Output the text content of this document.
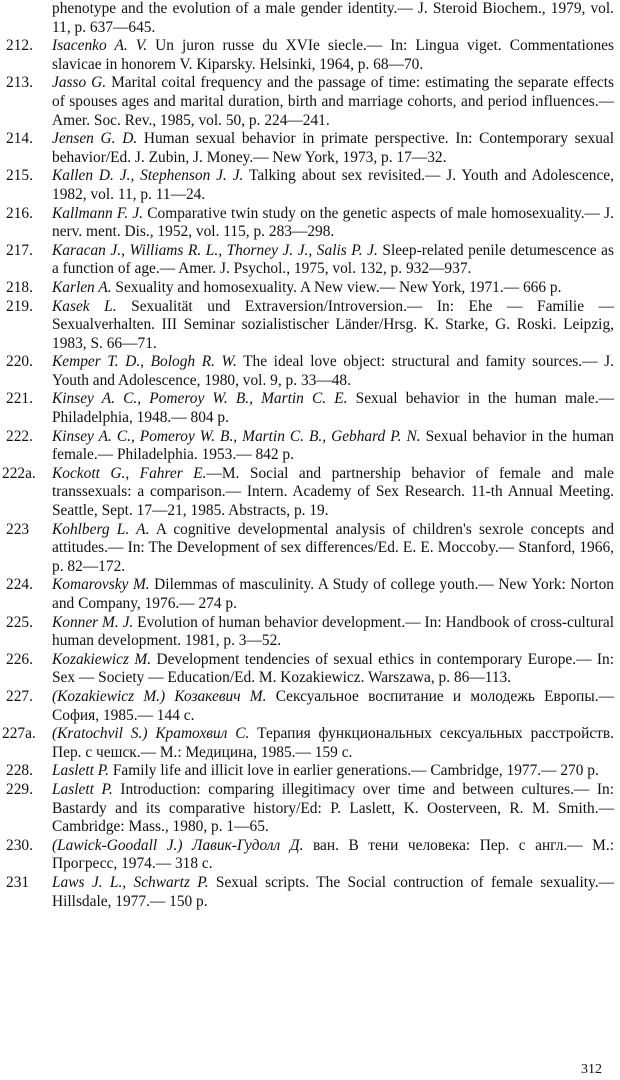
phenotype and the evolution of a male gender identity.— J. Steroid Biochem., 1979, vol. 11, p. 637—645.
212.	Isacenko A. V. Un juron russe du XVIe siecle.— In: Lingua viget. Commentationes slavicae in honorem V. Kiparsky. Helsinki, 1964, p. 68—70.
213.	Jasso G. Marital coital frequency and the passage of time: estimating the separate effects of spouses ages and marital duration, birth and marriage cohorts, and period influences.— Amer. Soc. Rev., 1985, vol. 50, p. 224—241.
214.	Jensen G. D. Human sexual behavior in primate perspective. In: Contemporary sexual behavior/Ed. J. Zubin, J. Money.— New York, 1973, p. 17—32.
215.	Kallen D. J., Stephenson J. J. Talking about sex revisited.— J. Youth and Adolescence, 1982, vol. 11, p. 11—24.
216.	Kallmann F. J. Comparative twin study on the genetic aspects of male homosexuality.— J. nerv. ment. Dis., 1952, vol. 115, p. 283—298.
217.	Karacan J., Williams R. L., Thorney J. J., Salis P. J. Sleep-related penile detumescence as a function of age.— Amer. J. Psychol., 1975, vol. 132, p. 932—937.
218.	Karlen A. Sexuality and homosexuality. A New view.— New York, 1971.— 666 p.
219.	Kasek L. Sexualität und Extraversion/Introversion.— In: Ehe — Familie — Sexualverhalten. III Seminar sozialistischer Länder/Hrsg. K. Starke, G. Roski. Leipzig, 1983, S. 66—71.
220.	Kemper T. D., Bologh R. W. The ideal love object: structural and famity sources.— J. Youth and Adolescence, 1980, vol. 9, p. 33—48.
221.	Kinsey A. C., Pomeroy W. B., Martin C. E. Sexual behavior in the human male.— Philadelphia, 1948.— 804 p.
222.	Kinsey A. C., Pomeroy W. B., Martin C. B., Gebhard P. N. Sexual behavior in the human female.— Philadelphia. 1953.— 842 p.
222a.	Kockott G., Fahrer E.—M. Social and partnership behavior of female and male transsexuals: a comparison.— Intern. Academy of Sex Research. 11-th Annual Meeting. Seattle, Sept. 17—21, 1985. Abstracts, p. 19.
223	Kohlberg L. A. A cognitive developmental analysis of children's sexrole concepts and attitudes.— In: The Development of sex differences/Ed. E. E. Moccoby.— Stanford, 1966, p. 82—172.
224.	Komarovsky M. Dilemmas of masculinity. A Study of college youth.— New York: Norton and Company, 1976.— 274 p.
225.	Konner M. J. Evolution of human behavior development.— In: Handbook of cross-cultural human development. 1981, p. 3—52.
226.	Kozakiewicz M. Development tendencies of sexual ethics in contemporary Europe.— In: Sex — Society — Education/Ed. M. Kozakiewicz. Warszawa, p. 86—113.
227.	(Kozakiewicz M.) Козакевич М. Сексуальное воспитание и молодежь Европы.— София, 1985.— 144 с.
227а.	(Kratochvil S.) Кратохвил С. Терапия функциональных сексуальных расстройств. Пер. с чешск.— М.: Медицина, 1985.— 159 с.
228.	Laslett P. Family life and illicit love in earlier generations.— Cambridge, 1977.— 270 p.
229.	Laslett P. Introduction: comparing illegitimacy over time and between cultures.— In: Bastardy and its comparative history/Ed: P. Laslett, K. Oosterveen, R. M. Smith.— Cambridge: Mass., 1980, p. 1—65.
230.	(Lawick-Goodall J.) Лавик-Гудолл Д. ван. В тени человека: Пер. с англ.— М.: Прогресс, 1974.— 318 с.
231	Laws J. L., Schwartz P. Sexual scripts. The Social contruction of female sexuality.— Hillsdale, 1977.— 150 p.
312
